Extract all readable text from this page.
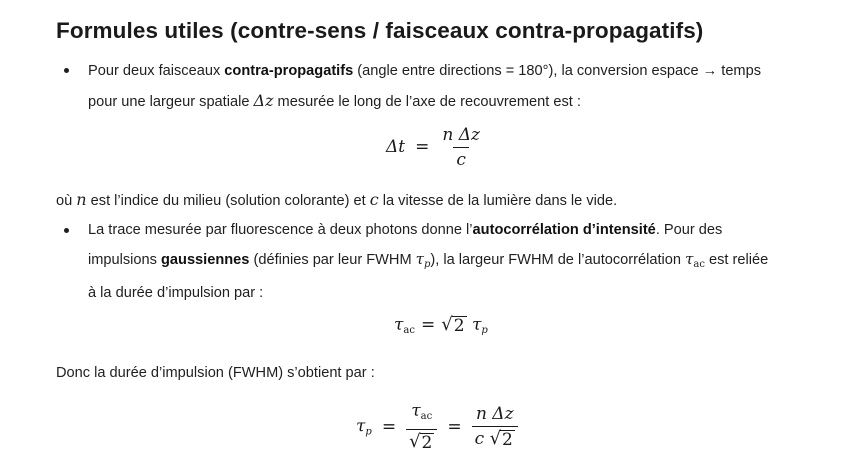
Formules utiles (contre-sens / faisceaux contra-propagatifs)
Pour deux faisceaux contra-propagatifs (angle entre directions = 180°), la conversion espace → temps
pour une largeur spatiale Δz mesurée le long de l’axe de recouvrement est :
$\Delta t = \frac{\text{n Δz}}{c}$
où n est l’indice du milieu (solution colorante) et c la vitesse de la lumière dans le vide.
La trace mesurée par fluorescence à deux photons donne l’autocorrélation d’intensité. Pour des
impulsions gaussiennes (définies par leur FWHM $\tau_p$), la largeur FWHM de l’autocorrélation $\tau_{ac}$ est reliée
à la durée d’impulsion par :
$\tau_{ac}$ = √ 2 τp
Donc la durée d’impulsion (FWHM) s’obtient par :
$\tau p = \frac{\tau_{ac}}{√ 2} = \frac{\text{n Δz}}{c √ 2}$
